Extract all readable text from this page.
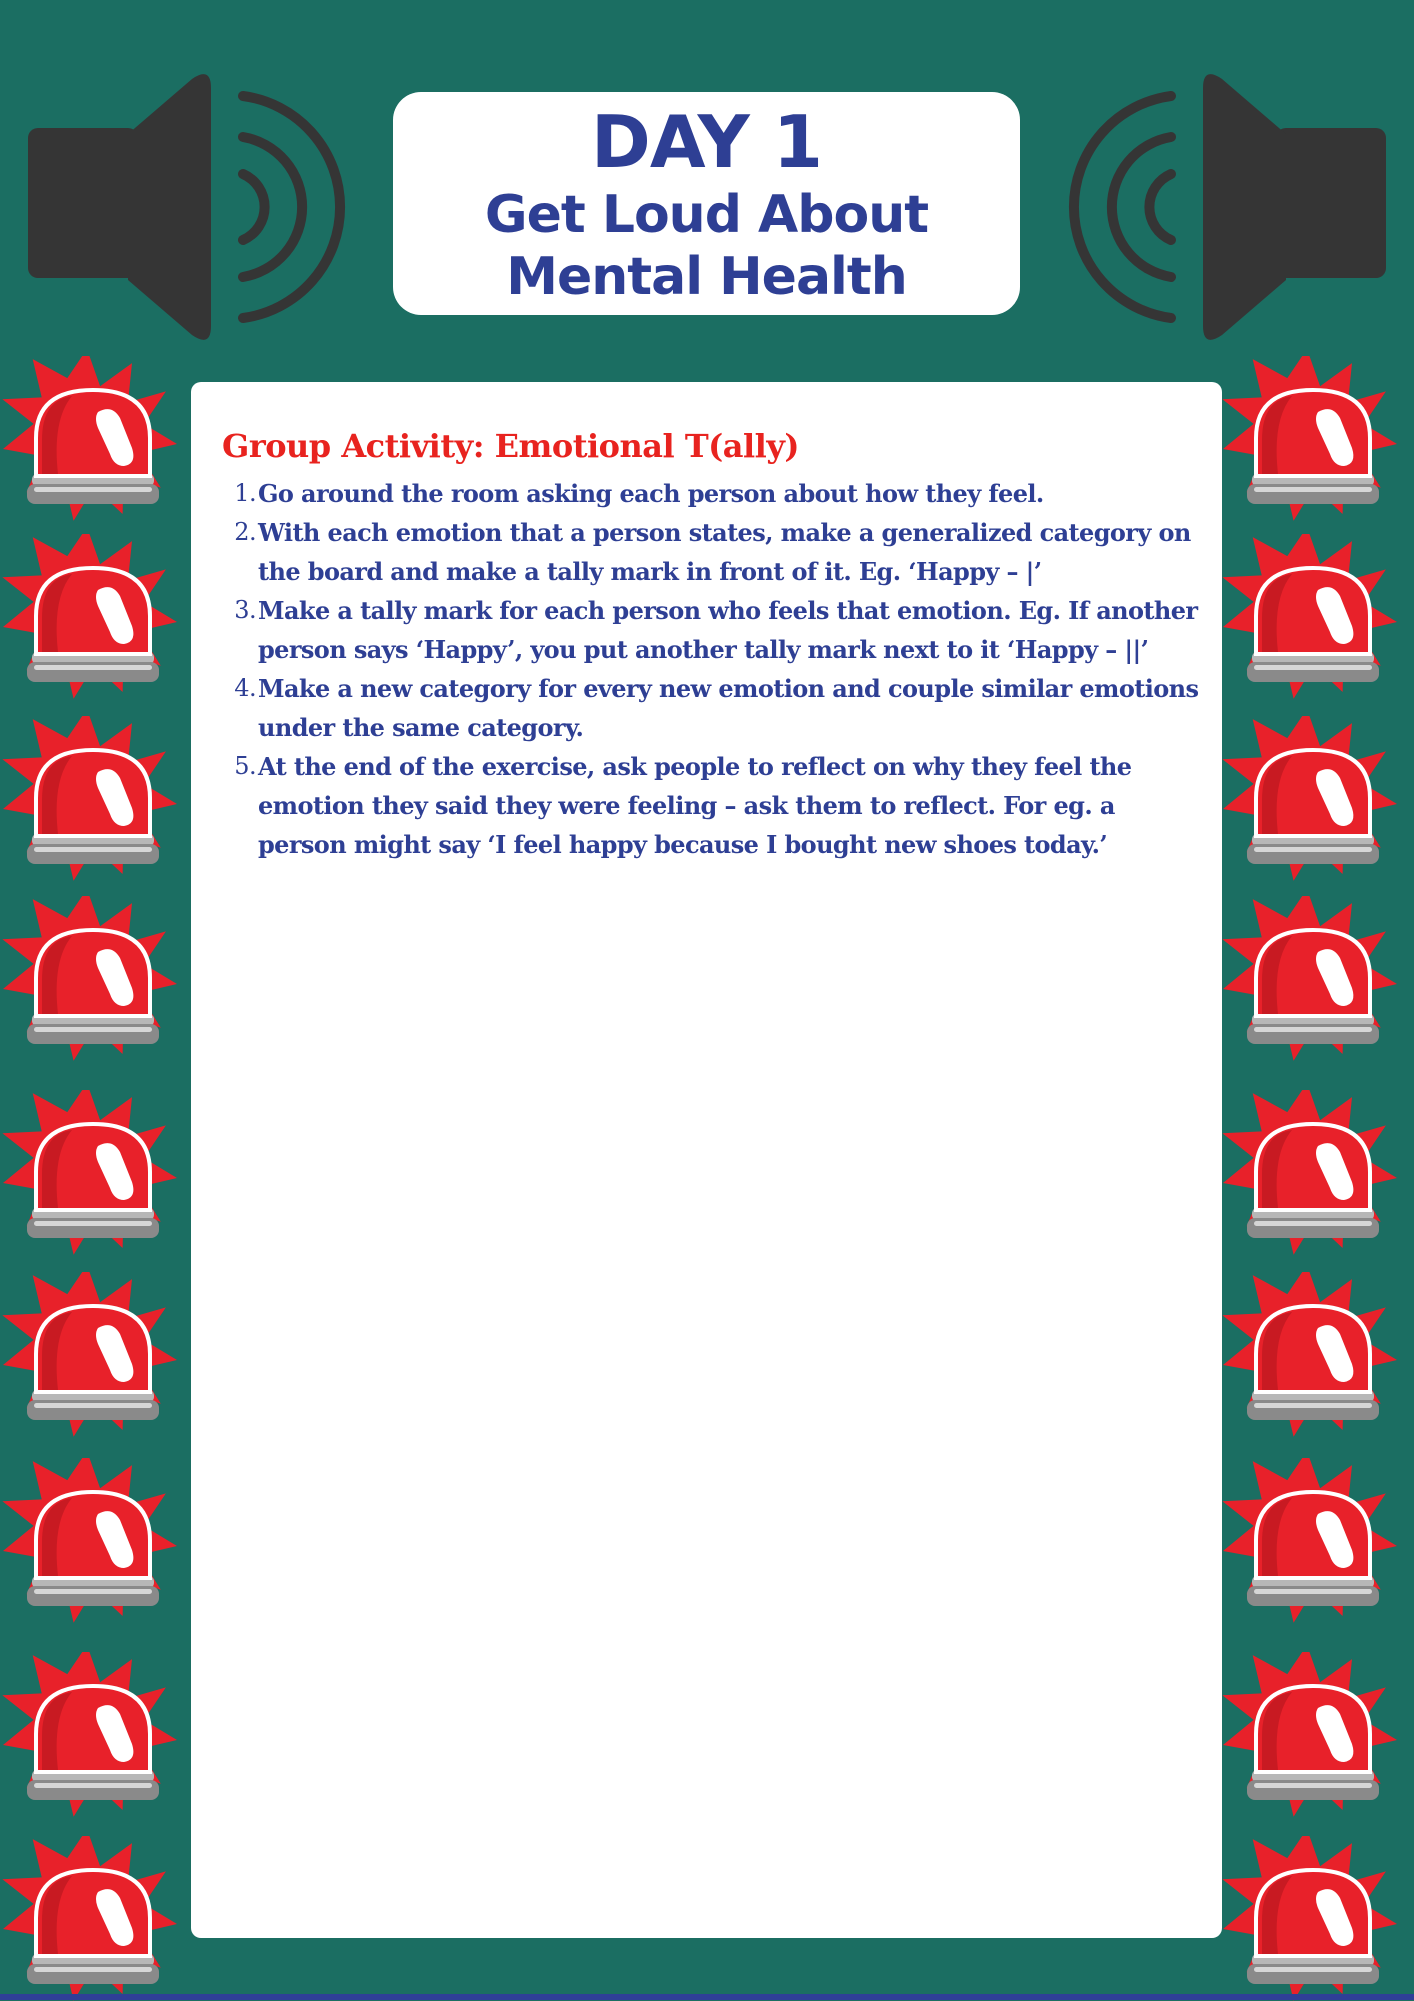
DAY 1
Get Loud About
Mental Health
Group Activity: Emotional T(ally)
1. Go around the room asking each person about how they feel.
2. With each emotion that a person states, make a generalized category on the board and make a tally mark in front of it. Eg. ‘Happy – |’
3. Make a tally mark for each person who feels that emotion. Eg. If another person says ‘Happy’, you put another tally mark next to it ‘Happy – ||’
4. Make a new category for every new emotion and couple similar emotions under the same category.
5. At the end of the exercise, ask people to reflect on why they feel the emotion they said they were feeling – ask them to reflect. For eg. a person might say ‘I feel happy because I bought new shoes today.’
